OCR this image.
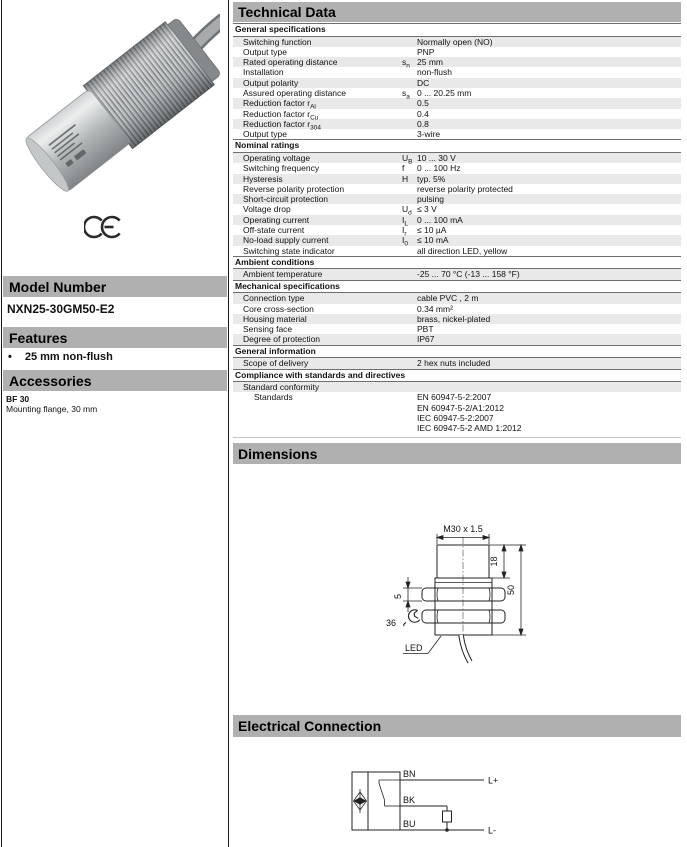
Model Number
NXN25-30GM50-E2
Features
• 25 mm non-flush
Accessories
BF 30
Mounting flange, 30 mm
Technical Data
General specifications
Switching function	Normally open (NO)
Output type	PNP
Rated operating distance	$s_n$ 25 mm
Installation	non-flush
Output polarity	DC
Assured operating distance	$s_a$ 0 ... 20.25 mm
Reduction factor $r_{Al}$	0.5
Reduction factor $r_{Cu}$	0.4
Reduction factor $r_{304}$	0.8
Output type	3-wire
Nominal ratings
Operating voltage	$U_B$ 10 ... 30 V
Switching frequency	f	0 ... 100 Hz
Hysteresis	H	typ. 5%
Reverse polarity protection	reverse polarity protected
Short-circuit protection	pulsing
Voltage drop	$U_d \le 3$ V
Operating current	$I_L$	0 ... 100 mA
Off-state current	$I_r$	≤ 10 µA
No-load supply current	$I_0$	≤ 10 mA
Switching state indicator	all direction LED, yellow
Ambient conditions
Ambient temperature	-25 ... 70 °C (-13 ... 158 °F)
Mechanical specifications
Connection type	cable PVC , 2 m
Core cross-section	0.34 mm²
Housing material	brass, nickel-plated
Sensing face	PBT
Degree of protection	IP67
General information
Scope of delivery	2 hex nuts included
Compliance with standards and directives
Standard conformity
Standards	EN 60947-5-2:2007
EN 60947-5-2/A1:2012
IEC 60947-5-2:2007
IEC 60947-5-2 AMD 1:2012
Dimensions
M30 x 1.5
18
50
5
36
LED
Electrical Connection
BN
L+
BK
BU
L-
